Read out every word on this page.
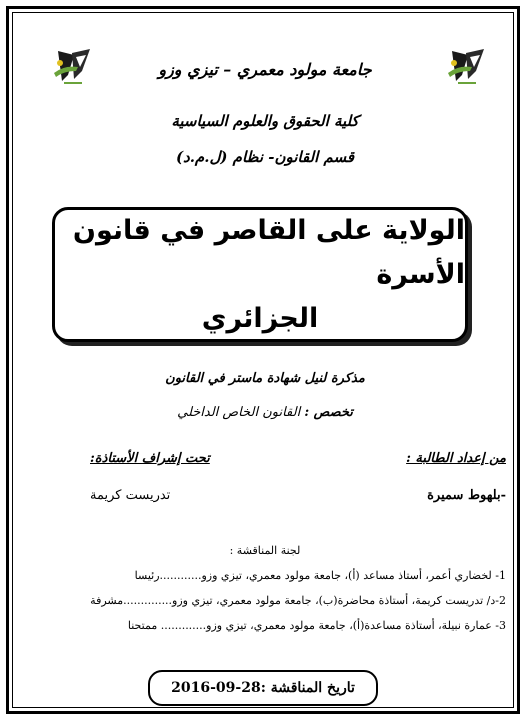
جامعة مولود معمري – تيزي وزو
كلية الحقوق والعلوم السياسية
قسم القانون- نظام (ل.م.د)
الولاية على القاصر في قانون الأسرة
الجزائري
مذكرة لنيل شهادة ماستر في القانون
تخصص : القانون الخاص الداخلي
من إعداد الطالبة :
تحت إشراف الأستاذة:
-بلهوط سميرة
تدريست كريمة
لجنة المناقشة :
1- لخضاري أعمر، أستاذ مساعد (أ)، جامعة مولود معمري، تيزي وزو............رئيسا
2-د/ تدريست كريمة، أستاذة محاضرة(ب)، جامعة مولود معمري، تيزي وزو..............مشرفة
3- عمارة نبيلة، أستاذة مساعدة(أ)، جامعة مولود معمري، تيزي وزو............. ممتحنا
تاريخ المناقشة :28-09-2016
